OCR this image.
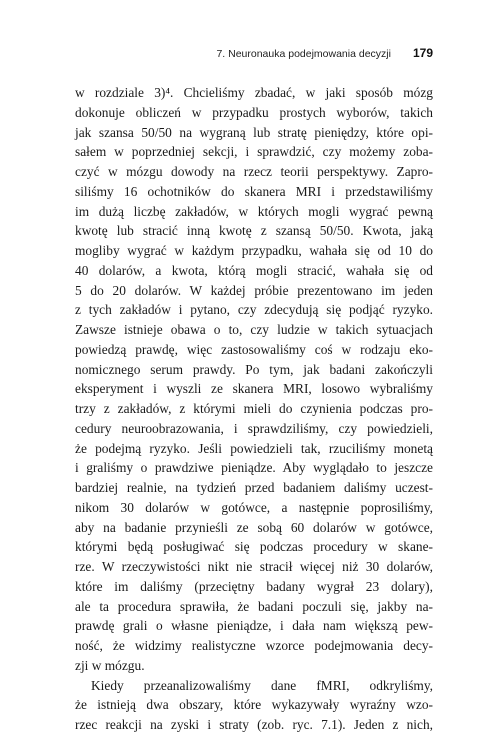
7. Neuronauka podejmowania decyzji 179
w rozdziale 3)⁴. Chcieliśmy zbadać, w jaki sposób mózg
dokonuje obliczeń w przypadku prostych wyborów, takich
jak szansa 50/50 na wygraną lub stratę pieniędzy, które opi-
sałem w poprzedniej sekcji, i sprawdzić, czy możemy zoba-
czyć w mózgu dowody na rzecz teorii perspektywy. Zapro-
siliśmy 16 ochotników do skanera MRI i przedstawiliśmy
im dużą liczbę zakładów, w których mogli wygrać pewną
kwotę lub stracić inną kwotę z szansą 50/50. Kwota, jaką
mogliby wygrać w każdym przypadku, wahała się od 10 do
40 dolarów, a kwota, którą mogli stracić, wahała się od
5 do 20 dolarów. W każdej próbie prezentowano im jeden
z tych zakładów i pytano, czy zdecydują się podjąć ryzyko.
Zawsze istnieje obawa o to, czy ludzie w takich sytuacjach
powiedzą prawdę, więc zastosowaliśmy coś w rodzaju eko-
nomicznego serum prawdy. Po tym, jak badani zakończyli
eksperyment i wyszli ze skanera MRI, losowo wybraliśmy
trzy z zakładów, z którymi mieli do czynienia podczas pro-
cedury neuroobrazowania, i sprawdziliśmy, czy powiedzieli,
że podejmą ryzyko. Jeśli powiedzieli tak, rzuciliśmy monetą
i graliśmy o prawdziwe pieniądze. Aby wyglądało to jeszcze
bardziej realnie, na tydzień przed badaniem daliśmy uczest-
nikom 30 dolarów w gotówce, a następnie poprosiliśmy,
aby na badanie przynieśli ze sobą 60 dolarów w gotówce,
którymi będą posługiwać się podczas procedury w skane-
rze. W rzeczywistości nikt nie stracił więcej niż 30 dolarów,
które im daliśmy (przeciętny badany wygrał 23 dolary),
ale ta procedura sprawiła, że badani poczuli się, jakby na-
prawdę grali o własne pieniądze, i dała nam większą pew-
ność, że widzimy realistyczne wzorce podejmowania decy-
zji w mózgu.
Kiedy przeanalizowaliśmy dane fMRI, odkryliśmy,
że istnieją dwa obszary, które wykazywały wyraźny wzo-
rzec reakcji na zyski i straty (zob. ryc. 7.1). Jeden z nich,
